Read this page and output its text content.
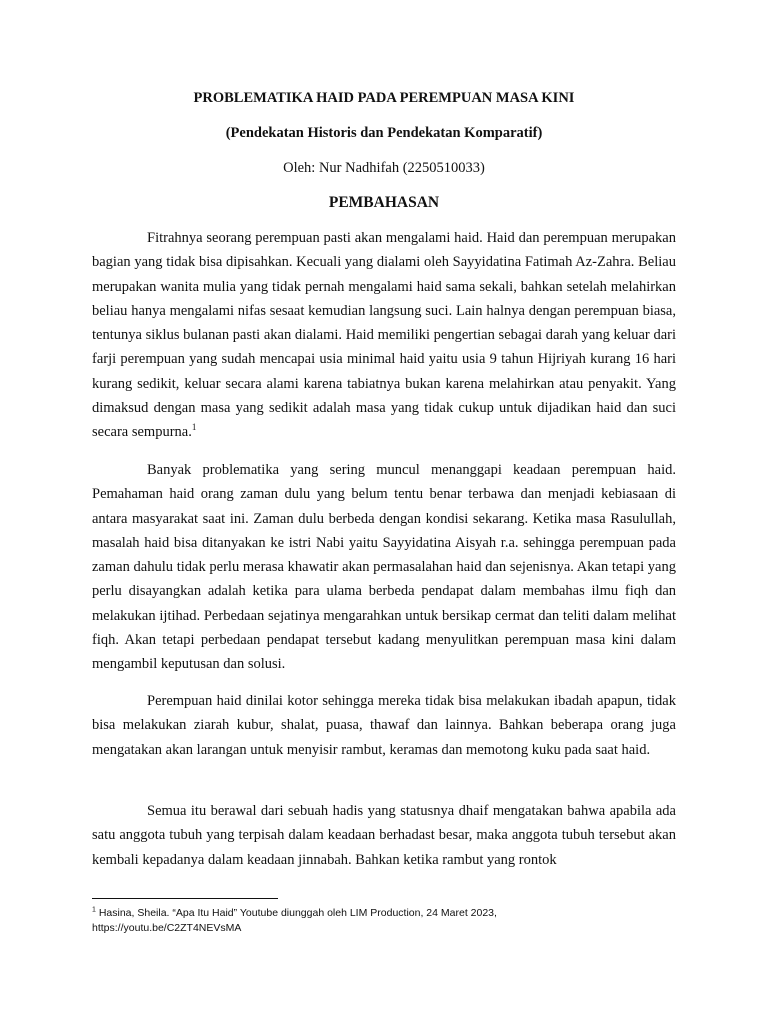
PROBLEMATIKA HAID PADA PEREMPUAN MASA KINI
(Pendekatan Historis dan Pendekatan Komparatif)
Oleh: Nur Nadhifah (2250510033)
PEMBAHASAN

Fitrahnya seorang perempuan pasti akan mengalami haid. Haid dan perempuan merupakan bagian yang tidak bisa dipisahkan. Kecuali yang dialami oleh Sayyidatina Fatimah Az-Zahra. Beliau merupakan wanita mulia yang tidak pernah mengalami haid sama sekali, bahkan setelah melahirkan beliau hanya mengalami nifas sesaat kemudian langsung suci. Lain halnya dengan perempuan biasa, tentunya siklus bulanan pasti akan dialami. Haid memiliki pengertian sebagai darah yang keluar dari farji perempuan yang sudah mencapai usia minimal haid yaitu usia 9 tahun Hijriyah kurang 16 hari kurang sedikit, keluar secara alami karena tabiatnya bukan karena melahirkan atau penyakit. Yang dimaksud dengan masa yang sedikit adalah masa yang tidak cukup untuk dijadikan haid dan suci secara sempurna.$^1$

Banyak problematika yang sering muncul menanggapi keadaan perempuan haid. Pemahaman haid orang zaman dulu yang belum tentu benar terbawa dan menjadi kebiasaan di antara masyarakat saat ini. Zaman dulu berbeda dengan kondisi sekarang. Ketika masa Rasulullah, masalah haid bisa ditanyakan ke istri Nabi yaitu Sayyidatina Aisyah r.a. sehingga perempuan pada zaman dahulu tidak perlu merasa khawatir akan permasalahan haid dan sejenisnya. Akan tetapi yang perlu disayangkan adalah ketika para ulama berbeda pendapat dalam membahas ilmu fiqh dan melakukan ijtihad. Perbedaan sejatinya mengarahkan untuk bersikap cermat dan teliti dalam melihat fiqh. Akan tetapi perbedaan pendapat tersebut kadang menyulitkan perempuan masa kini dalam mengambil keputusan dan solusi.

Perempuan haid dinilai kotor sehingga mereka tidak bisa melakukan ibadah apapun, tidak bisa melakukan ziarah kubur, shalat, puasa, thawaf dan lainnya. Bahkan beberapa orang juga mengatakan akan larangan untuk menyisir rambut, keramas dan memotong kuku pada saat haid.

Semua itu berawal dari sebuah hadis yang statusnya dhaif mengatakan bahwa apabila ada satu anggota tubuh yang terpisah dalam keadaan berhadast besar, maka anggota tubuh tersebut akan kembali kepadanya dalam keadaan jinnabah. Bahkan ketika rambut yang rontok

$^1$ Hasina, Sheila. “Apa Itu Haid” Youtube diunggah oleh LIM Production, 24 Maret 2023,
https://youtu.be/C2ZT4NEVsMA
